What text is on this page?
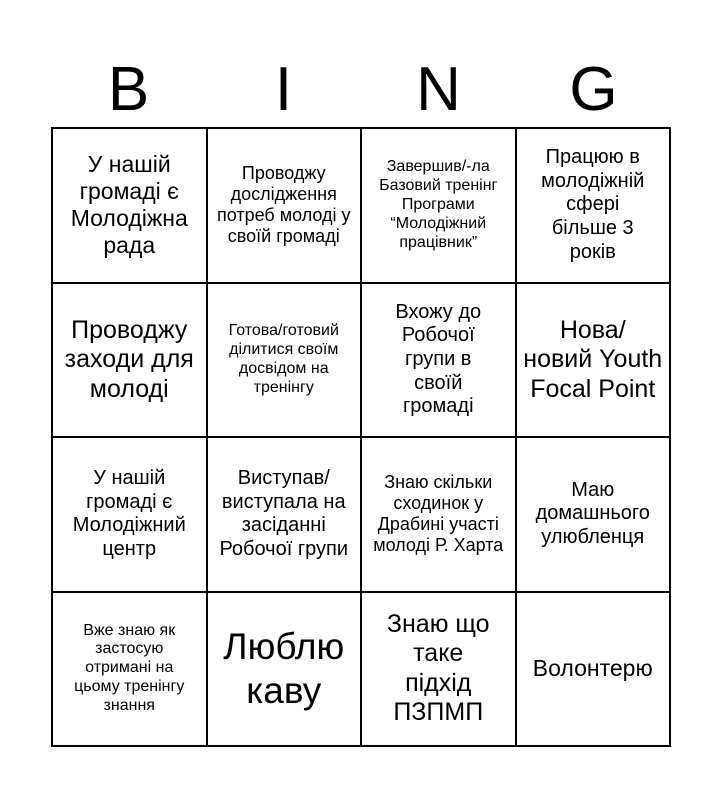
B	I	N	G
У нашій громаді є Молодіжна рада
Проводжу дослідження потреб молоді у своїй громаді
Завершив/-ла Базовий тренінг Програми “Молодіжний працівник”
Працюю в молодіжній сфері більше 3 років
Проводжу заходи для молоді
Готова/готовий ділитися своїм досвідом на тренінгу
Вхожу до Робочої групи в своїй громаді
Нова/ новий Youth Focal Point
У нашій громаді є Молодіжний центр
Виступав/ виступала на засіданні Робочої групи
Знаю скільки сходинок у Драбині участі молоді Р. Харта
Маю домашнього улюбленця
Вже знаю як застосую отримані на цьому тренінгу знання
Люблю каву
Знаю що таке підхід ПЗПМП
Волонтерю
